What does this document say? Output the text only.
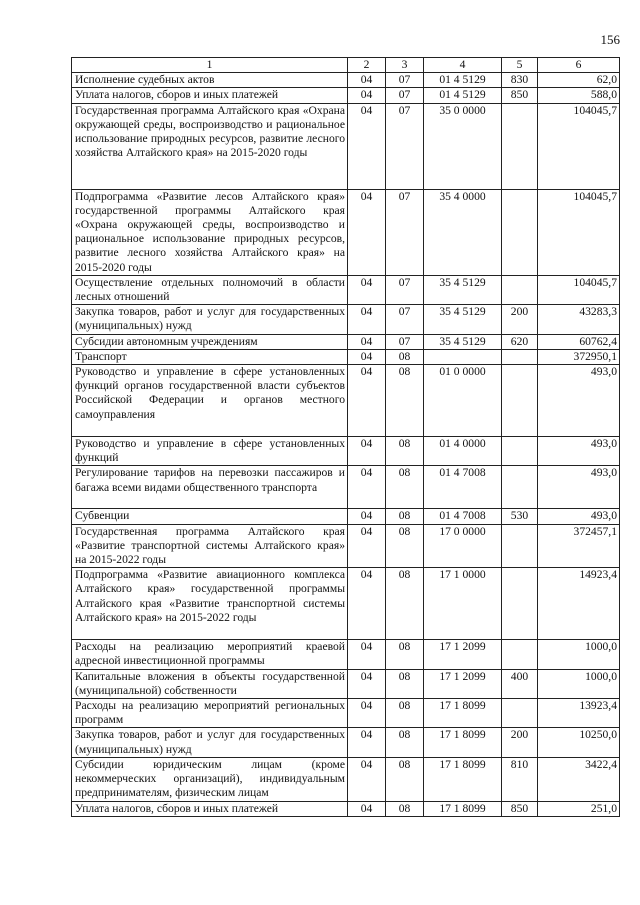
156
1	2	3	4	5	6
Исполнение судебных актов	04	07	01 4 5129	830	62,0
Уплата налогов, сборов и иных платежей	04	07	01 4 5129	850	588,0
Государственная программа Алтайского края «Охрана окружающей среды, воспроизводство и рациональное использование природных ресурсов, развитие лесного хозяйства Алтайского края» на 2015-2020 годы	04	07	35 0 0000		104045,7
Подпрограмма «Развитие лесов Алтайского края» государственной программы Алтайского края «Охрана окружающей среды, воспроизводство и рациональное использование природных ресурсов, развитие лесного хозяйства Алтайского края» на 2015-2020 годы	04	07	35 4 0000		104045,7
Осуществление отдельных полномочий в области лесных отношений	04	07	35 4 5129		104045,7
Закупка товаров, работ и услуг для государственных (муниципальных) нужд	04	07	35 4 5129	200	43283,3
Субсидии автономным учреждениям	04	07	35 4 5129	620	60762,4
Транспорт	04	08			372950,1
Руководство и управление в сфере установленных функций органов государственной власти субъектов Российской Федерации и органов местного самоуправления	04	08	01 0 0000		493,0
Руководство и управление в сфере установленных функций	04	08	01 4 0000		493,0
Регулирование тарифов на перевозки пассажиров и багажа всеми видами общественного транспорта	04	08	01 4 7008		493,0
Субвенции	04	08	01 4 7008	530	493,0
Государственная программа Алтайского края «Развитие транспортной системы Алтайского края» на 2015-2022 годы	04	08	17 0 0000		372457,1
Подпрограмма «Развитие авиационного комплекса Алтайского края» государственной программы Алтайского края «Развитие транспортной системы Алтайского края» на 2015-2022 годы	04	08	17 1 0000		14923,4
Расходы на реализацию мероприятий краевой адресной инвестиционной программы	04	08	17 1 2099		1000,0
Капитальные вложения в объекты государственной (муниципальной) собственности	04	08	17 1 2099	400	1000,0
Расходы на реализацию мероприятий региональных программ	04	08	17 1 8099		13923,4
Закупка товаров, работ и услуг для государственных (муниципальных) нужд	04	08	17 1 8099	200	10250,0
Субсидии юридическим лицам (кроме некоммерческих организаций), индивидуальным предпринимателям, физическим лицам	04	08	17 1 8099	810	3422,4
Уплата налогов, сборов и иных платежей	04	08	17 1 8099	850	251,0
